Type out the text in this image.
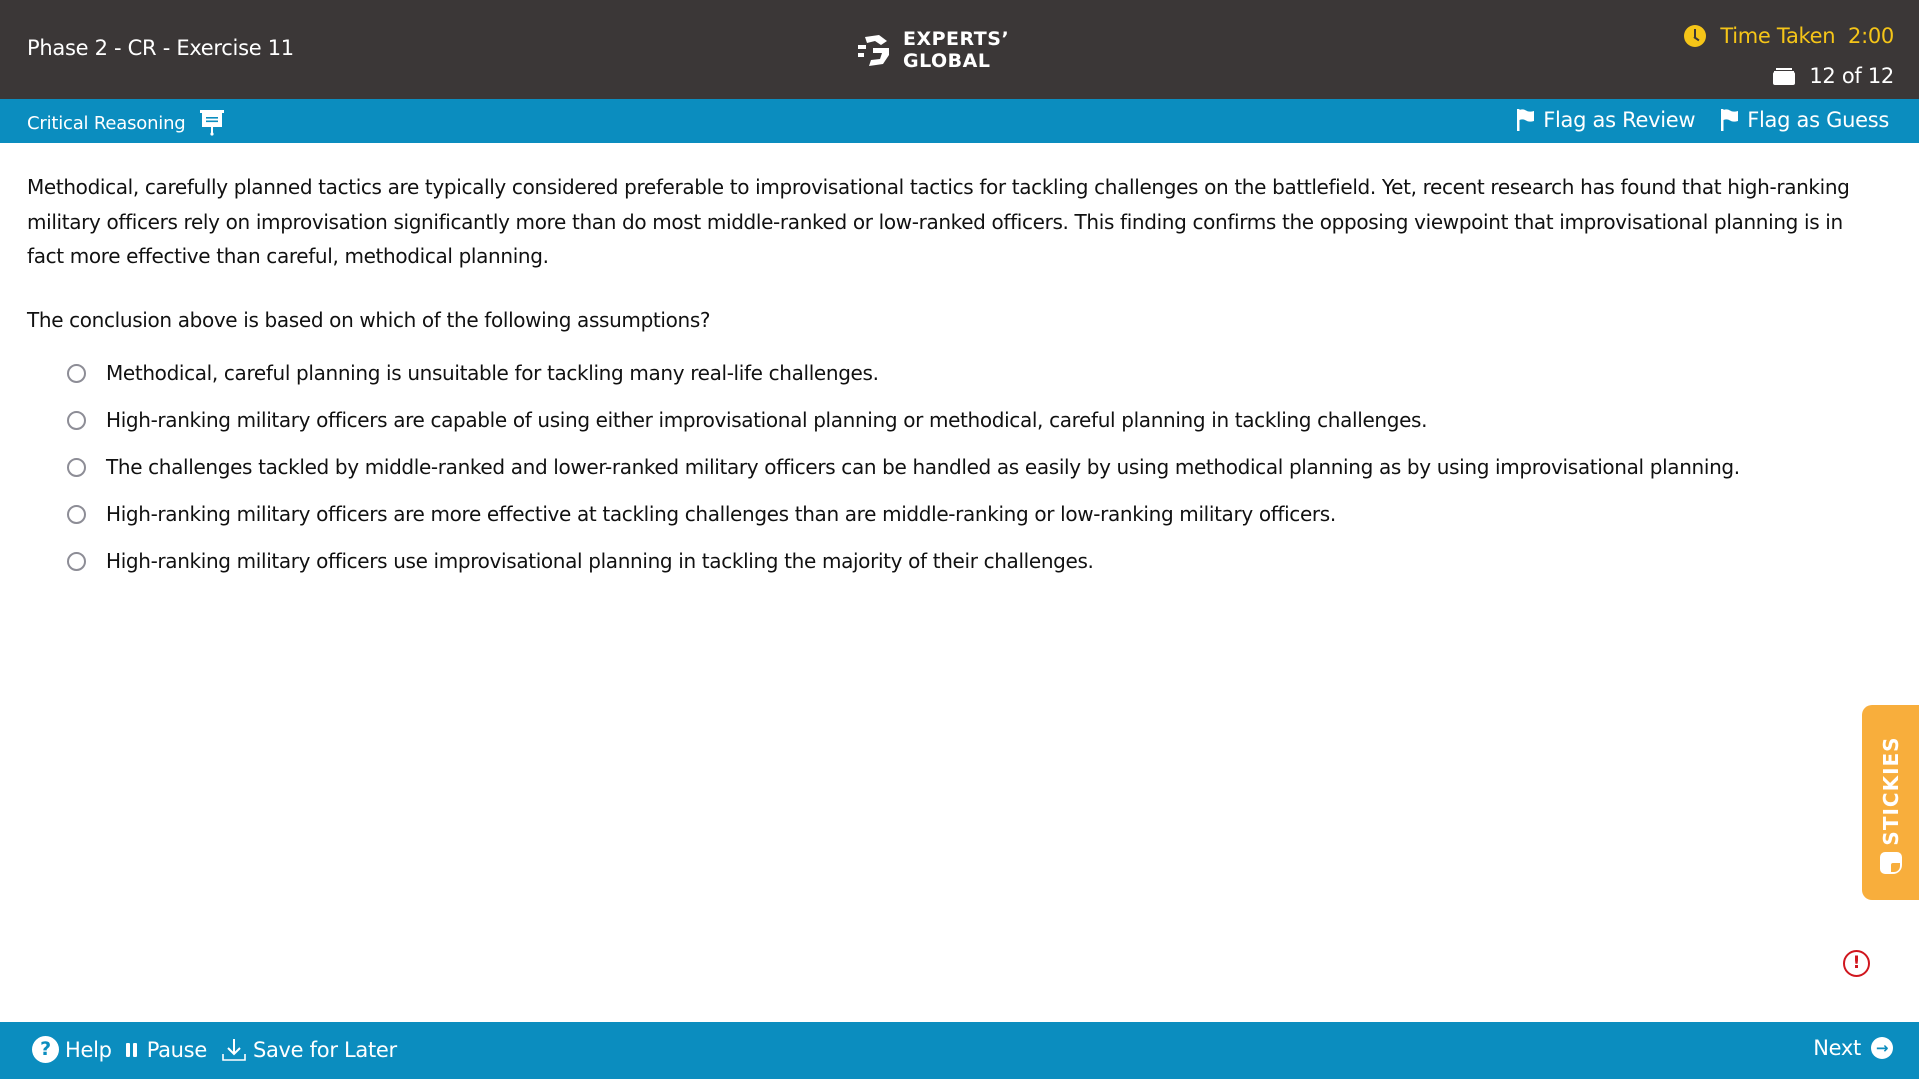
Phase 2 - CR - Exercise 11	EXPERTS’
GLOBAL
Time Taken 2:00
12 of 12
Critical Reasoning	Flag as Review Flag as Guess

Methodical, carefully planned tactics are typically considered preferable to improvisational tactics for tackling challenges on the battlefield. Yet, recent research has found that high-ranking military officers rely on improvisation significantly more than do most middle-ranked or low-ranked officers. This finding confirms the opposing viewpoint that improvisational planning is in fact more effective than careful, methodical planning.

The conclusion above is based on which of the following assumptions?

Methodical, careful planning is unsuitable for tackling many real-life challenges.
High-ranking military officers are capable of using either improvisational planning or methodical, careful planning in tackling challenges.
The challenges tackled by middle-ranked and lower-ranked military officers can be handled as easily by using methodical planning as by using improvisational planning.
High-ranking military officers are more effective at tackling challenges than are middle-ranking or low-ranking military officers.
High-ranking military officers use improvisational planning in tackling the majority of their challenges.
STICKIES
!
? Help Pause Save for Later	Next →
